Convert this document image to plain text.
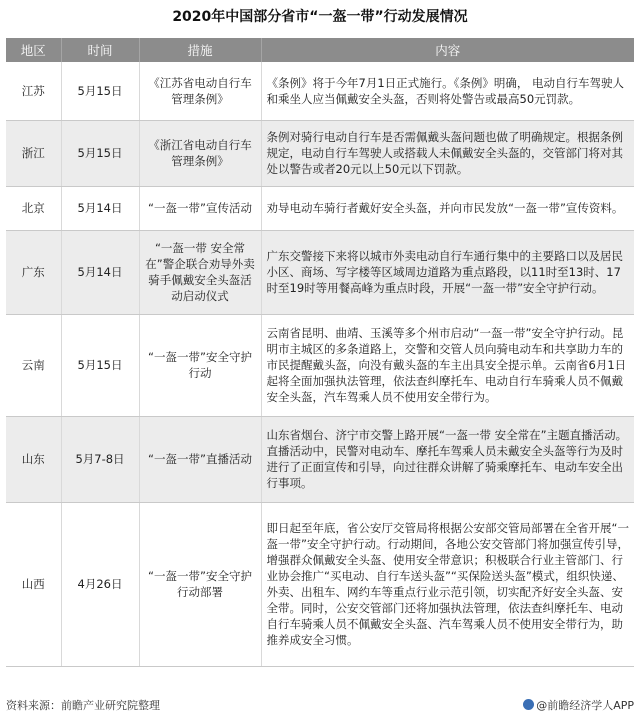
2020年中国部分省市“一盔一带”行动发展情况
地区	时间	措施	内容
江苏	5月15日	《江苏省电动自行车管理条例》	《条例》将于今年7月1日正式施行。《条例》明确， 电动自行车驾驶人和乘坐人应当佩戴安全头盔，否则将处警告或最高50元罚款。
浙江	5月15日	《浙江省电动自行车管理条例》	条例对骑行电动自行车是否需佩戴头盔问题也做了明确规定。根据条例规定，电动自行车驾驶人或搭载人未佩戴安全头盔的，交管部门将对其处以警告或者20元以上50元以下罚款。
北京	5月14日	“一盔一带”宣传活动	劝导电动车骑行者戴好安全头盔，并向市民发放“一盔一带”宣传资料。
广东	5月14日	“一盔一带 安全常在”警企联合劝导外卖骑手佩戴安全头盔活动启动仪式	广东交警接下来将以城市外卖电动自行车通行集中的主要路口以及居民小区、商场、写字楼等区域周边道路为重点路段，以11时至13时、17时至19时等用餐高峰为重点时段，开展“一盔一带”安全守护行动。
云南	5月15日	“一盔一带”安全守护行动	云南省昆明、曲靖、玉溪等多个州市启动“一盔一带”安全守护行动。昆明市主城区的多条道路上，交警和交管人员向骑电动车和共享助力车的市民提醒戴头盔，向没有戴头盔的车主出具安全提示单。云南省6月1日起将全面加强执法管理，依法查纠摩托车、电动自行车骑乘人员不佩戴安全头盔，汽车驾乘人员不使用安全带行为。
山东	5月7-8日	“一盔一带”直播活动	山东省烟台、济宁市交警上路开展“一盔一带 安全常在”主题直播活动。直播活动中，民警对电动车、摩托车驾乘人员未戴安全头盔等行为及时进行了正面宣传和引导，向过往群众讲解了骑乘摩托车、电动车安全出行事项。
山西	4月26日	“一盔一带”安全守护行动部署	即日起至年底，省公安厅交管局将根据公安部交管局部署在全省开展“一盔一带”安全守护行动。行动期间，各地公安交管部门将加强宣传引导，增强群众佩戴安全头盔、使用安全带意识；积极联合行业主管部门、行业协会推广“买电动、自行车送头盔”“买保险送头盔”模式，组织快递、外卖、出租车、网约车等重点行业示范引领，切实配齐好安全头盔、安全带。同时，公安交管部门还将加强执法管理，依法查纠摩托车、电动自行车骑乘人员不佩戴安全头盔、汽车驾乘人员不使用安全带行为，助推养成安全习惯。
资料来源：前瞻产业研究院整理	@前瞻经济学人APP
